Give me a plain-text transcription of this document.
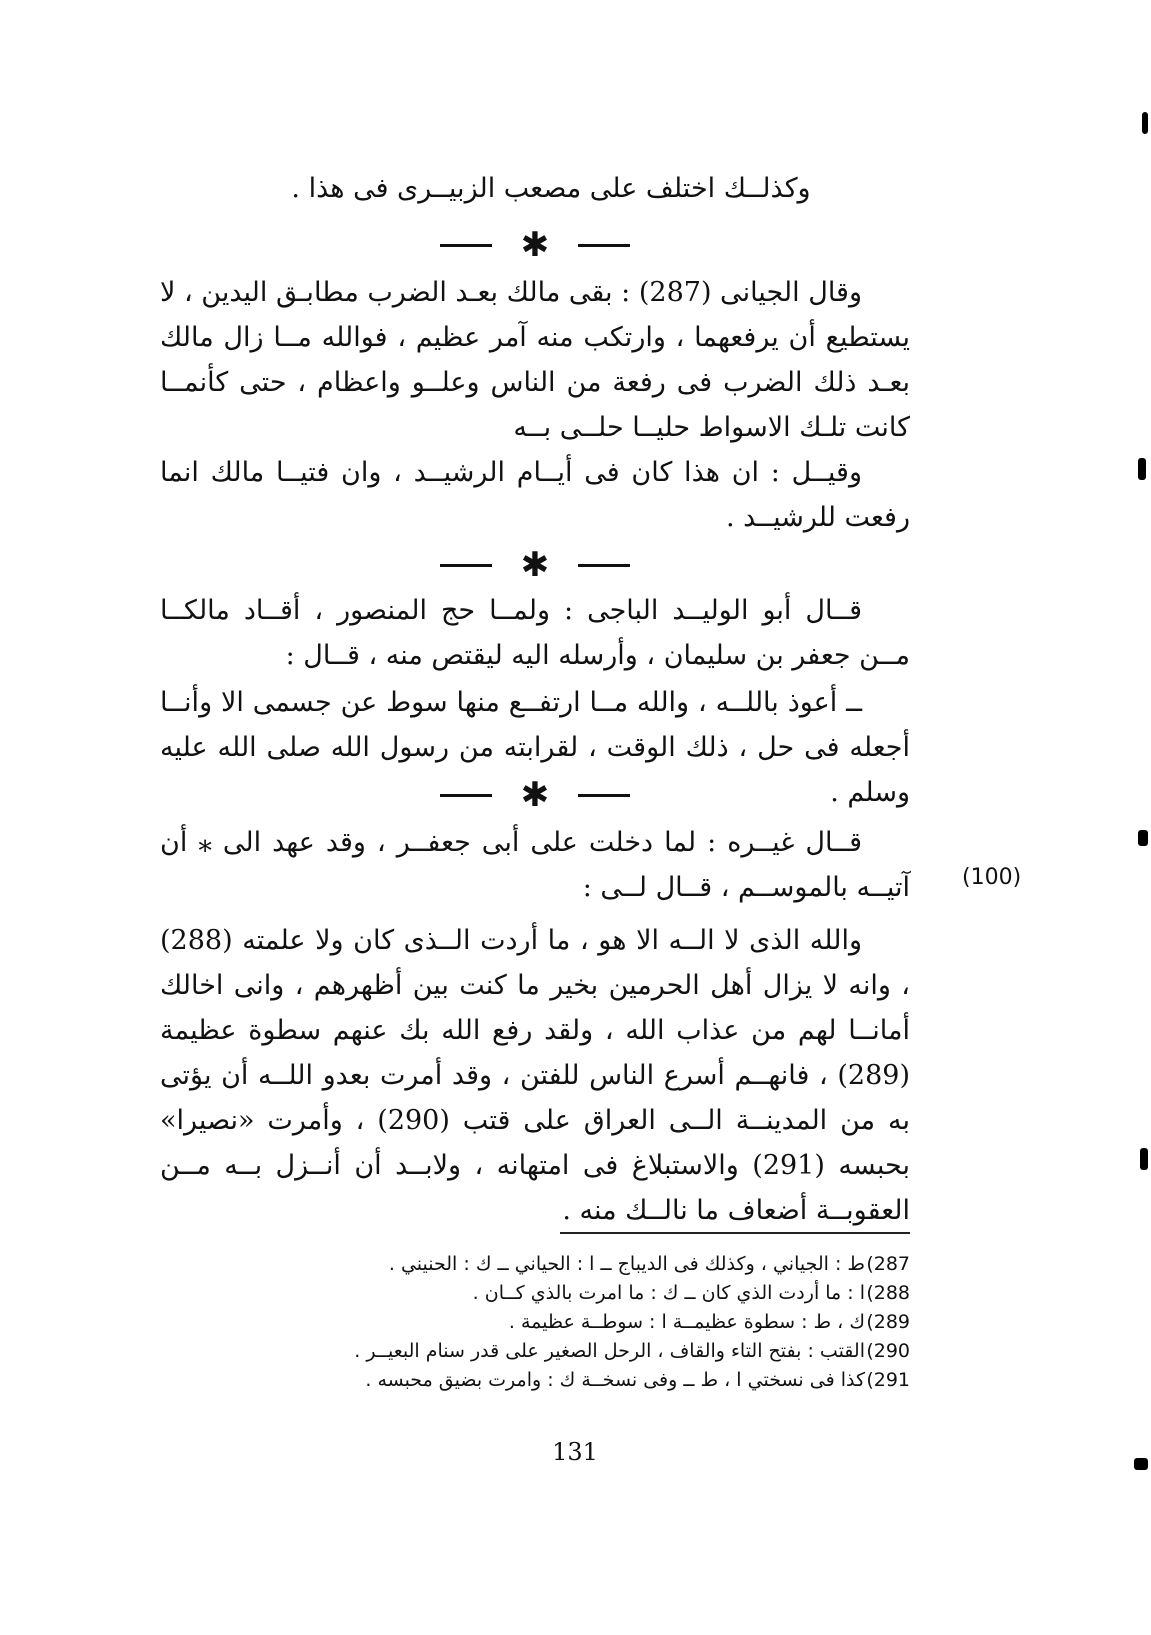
وكذلــك اختلف على مصعب الزبيــرى فى هذا .

✱

وقال الجيانى (287) : بقى مالك بعـد الضرب مطابـق اليدين ، لا يستطيع أن يرفعهما ، وارتكب منه آمر عظيم ، فوالله مــا زال مالك بعـد ذلك الضرب فى رفعة من الناس وعلــو واعظام ، حتى كأنمــا كانت تلـك الاسواط حليــا حلــى بــه

وقيــل : ان هذا كان فى أيــام الرشيــد ، وان فتيــا مالك انما رفعت للرشيــد .

✱

قــال أبو الوليــد الباجى : ولمــا حج المنصور ، أقــاد مالكــا مــن جعفر بن سليمان ، وأرسله اليه ليقتص منه ، قــال :

ــ أعوذ باللــه ، والله مــا ارتفــع منها سوط عن جسمى الا وأنــا أجعله فى حل ، ذلك الوقت ، لقرابته من رسول الله صلى الله عليه وسلم .

✱
(100)

قــال غيــره : لما دخلت على أبى جعفــر ، وقد عهد الى ⁎ أن آتيــه بالموســم ، قــال لــى :

والله الذى لا الــه الا هو ، ما أردت الــذى كان ولا علمته (288) ، وانه لا يزال أهل الحرمين بخير ما كنت بين أظهرهم ، وانى اخالك أمانــا لهم من عذاب الله ، ولقد رفع الله بك عنهم سطوة عظيمة (289) ، فانهــم أسرع الناس للفتن ، وقد أمرت بعدو اللــه أن يؤتى به من المدينــة الــى العراق على قتب (290) ، وأمرت «نصيرا» بحبسه (291) والاستبلاغ فى امتهانه ، ولابــد أن أنــزل بــه مــن العقوبــة أضعاف ما نالــك منه .

287)
ط : الجياني ، وكذلك فى الديباج ــ ا : الحياني ــ ك : الحنيني .
288)
ا : ما أردت الذي كان ــ ك : ما امرت بالذي كــان .
289)
ك ، ط : سطوة عظيمــة ا : سوطــة عظيمة .
290)
القتب : بفتح التاء والقاف ، الرحل الصغير على قدر سنام البعيــر .
291)
كذا فى نسختي ا ، ط ــ وفى نسخــة ك : وامرت بضيق محبسه .
131
